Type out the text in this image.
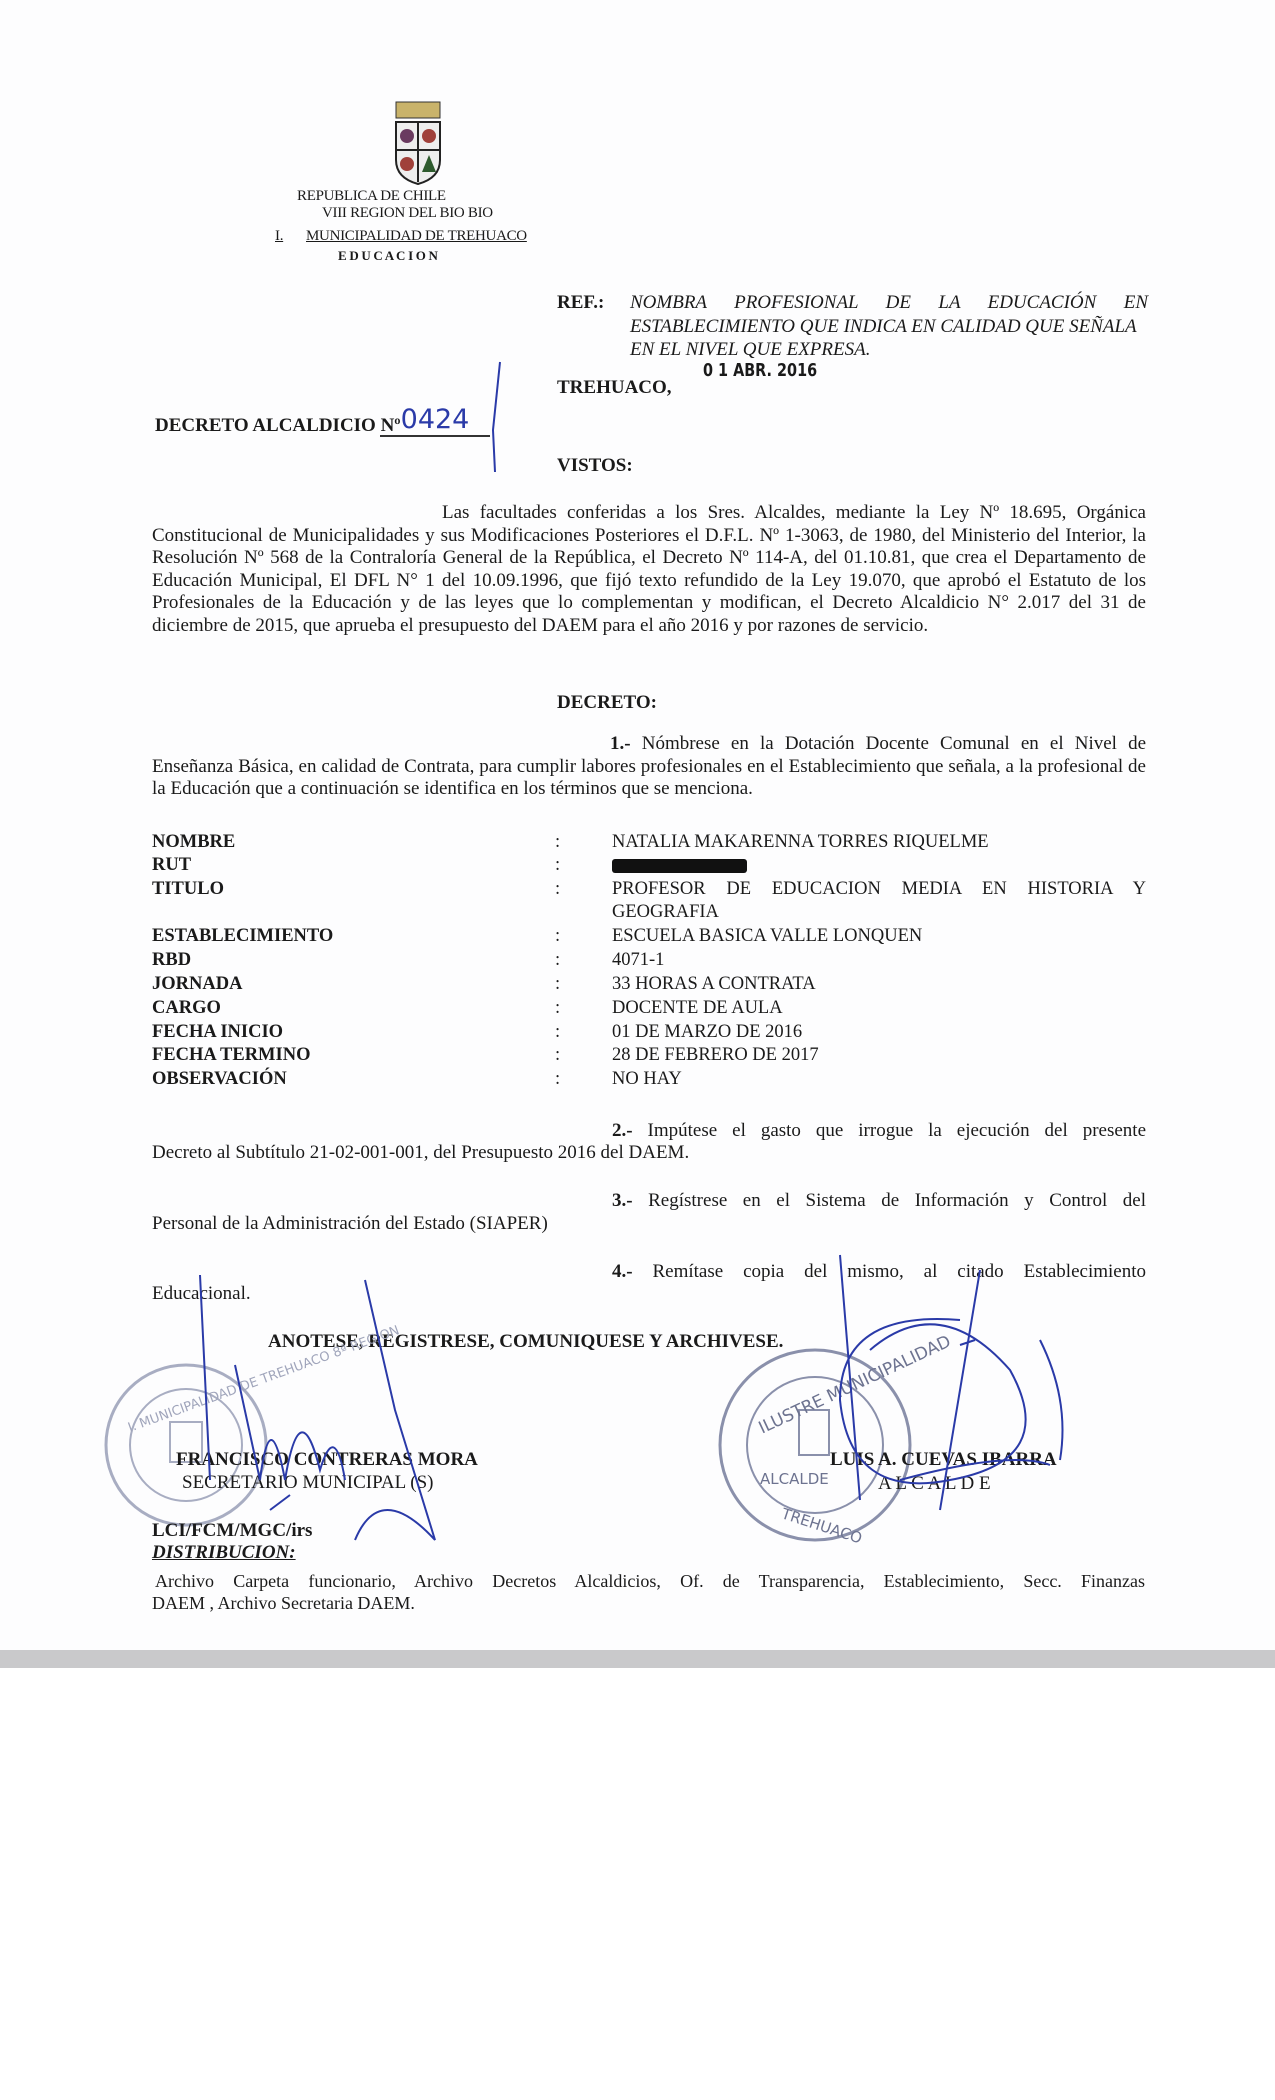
REPUBLICA DE CHILE
VIII REGION DEL BIO BIO
I. MUNICIPALIDAD DE TREHUACO
E D U C A C I O N
REF.: NOMBRA PROFESIONAL DE LA EDUCACIÓN EN
ESTABLECIMIENTO QUE INDICA EN CALIDAD QUE SEÑALA
EN EL NIVEL QUE EXPRESA.
0 1 ABR. 2016
TREHUACO,
DECRETO ALCALDICIO Nº 0424
VISTOS:
Las facultades conferidas a los Sres. Alcaldes, mediante la Ley Nº 18.695, Orgánica Constitucional de Municipalidades y sus Modificaciones Posteriores el D.F.L. Nº 1-3063, de 1980, del Ministerio del Interior, la Resolución Nº 568 de la Contraloría General de la República, el Decreto Nº 114-A, del 01.10.81, que crea el Departamento de Educación Municipal, El DFL N° 1 del 10.09.1996, que fijó texto refundido de la Ley 19.070, que aprobó el Estatuto de los Profesionales de la Educación y de las leyes que lo complementan y modifican, el Decreto Alcaldicio N° 2.017 del 31 de diciembre de 2015, que aprueba el presupuesto del DAEM para el año 2016 y por razones de servicio.
DECRETO:
1.- Nómbrese en la Dotación Docente Comunal en el Nivel de Enseñanza Básica, en calidad de Contrata, para cumplir labores profesionales en el Establecimiento que señala, a la profesional de la Educación que a continuación se identifica en los términos que se menciona.
NOMBRE	:	NATALIA MAKARENNA TORRES RIQUELME
RUT	:
TITULO	:	PROFESOR DE EDUCACION MEDIA EN HISTORIA Y
GEOGRAFIA
ESTABLECIMIENTO	:	ESCUELA BASICA VALLE LONQUEN
RBD	:	4071-1
JORNADA	:	33 HORAS A CONTRATA
CARGO	:	DOCENTE DE AULA
FECHA INICIO	:	01 DE MARZO DE 2016
FECHA TERMINO	:	28 DE FEBRERO DE 2017
OBSERVACIÓN	:	NO HAY
2.- Impútese el gasto que irrogue la ejecución del presente
Decreto al Subtítulo 21-02-001-001, del Presupuesto 2016 del DAEM.
3.- Regístrese en el Sistema de Información y Control del
Personal de la Administración del Estado (SIAPER)
4.- Remítase copia del mismo, al citado Establecimiento
Educacional.
ANOTESE, REGISTRESE, COMUNIQUESE Y ARCHIVESE.
I. MUNICIPALIDAD DE TREHUACO 8ª REGION	ILUSTRE MUNICIPALIDAD
ALCALDE
TREHUACO
FRANCISCO CONTRERAS MORA
SECRETARIO MUNICIPAL (S)
LUIS A. CUEVAS IBARRA
A L C A L D E
LCI/FCM/MGC/irs
DISTRIBUCION:
Archivo Carpeta funcionario, Archivo Decretos Alcaldicios, Of. de Transparencia, Establecimiento, Secc. Finanzas
DAEM , Archivo Secretaria DAEM.
